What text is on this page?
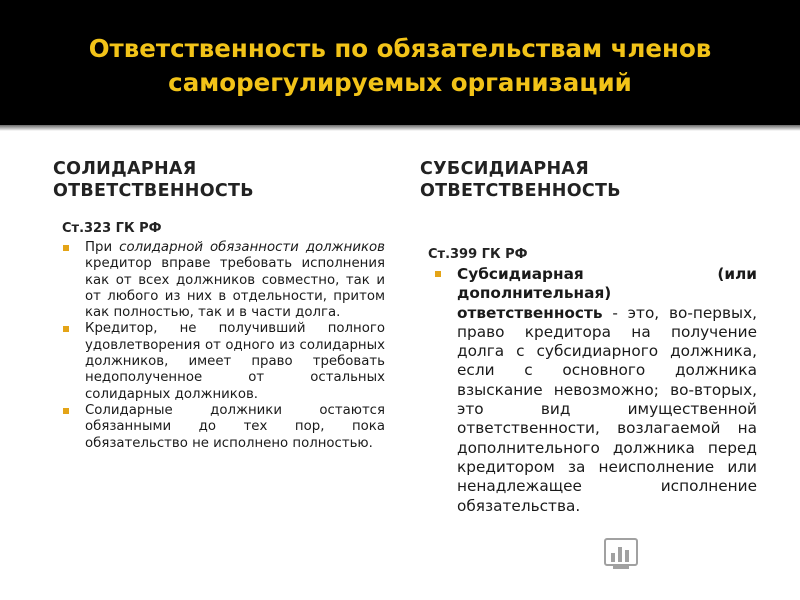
Ответственность по обязательствам членов
саморегулируемых организаций
СОЛИДАРНАЯ
ОТВЕТСТВЕННОСТЬ
Ст.323 ГК РФ
При солидарной обязанности должников кредитор вправе требовать исполнения как от всех должников совместно, так и от любого из них в отдельности, притом как полностью, так и в части долга.
Кредитор, не получивший полного удовлетворения от одного из солидарных должников, имеет право требовать недополученное от остальных солидарных должников.
Солидарные должники остаются обязанными до тех пор, пока обязательство не исполнено полностью.
СУБСИДИАРНАЯ
ОТВЕТСТВЕННОСТЬ
Ст.399 ГК РФ
Субсидиарная (или дополнительная) ответственность - это, во-первых, право кредитора на получение долга с субсидиарного должника, если с основного должника взыскание невозможно; во-вторых, это вид имущественной ответственности, возлагаемой на дополнительного должника перед кредитором за неисполнение или ненадлежащее исполнение обязательства.
